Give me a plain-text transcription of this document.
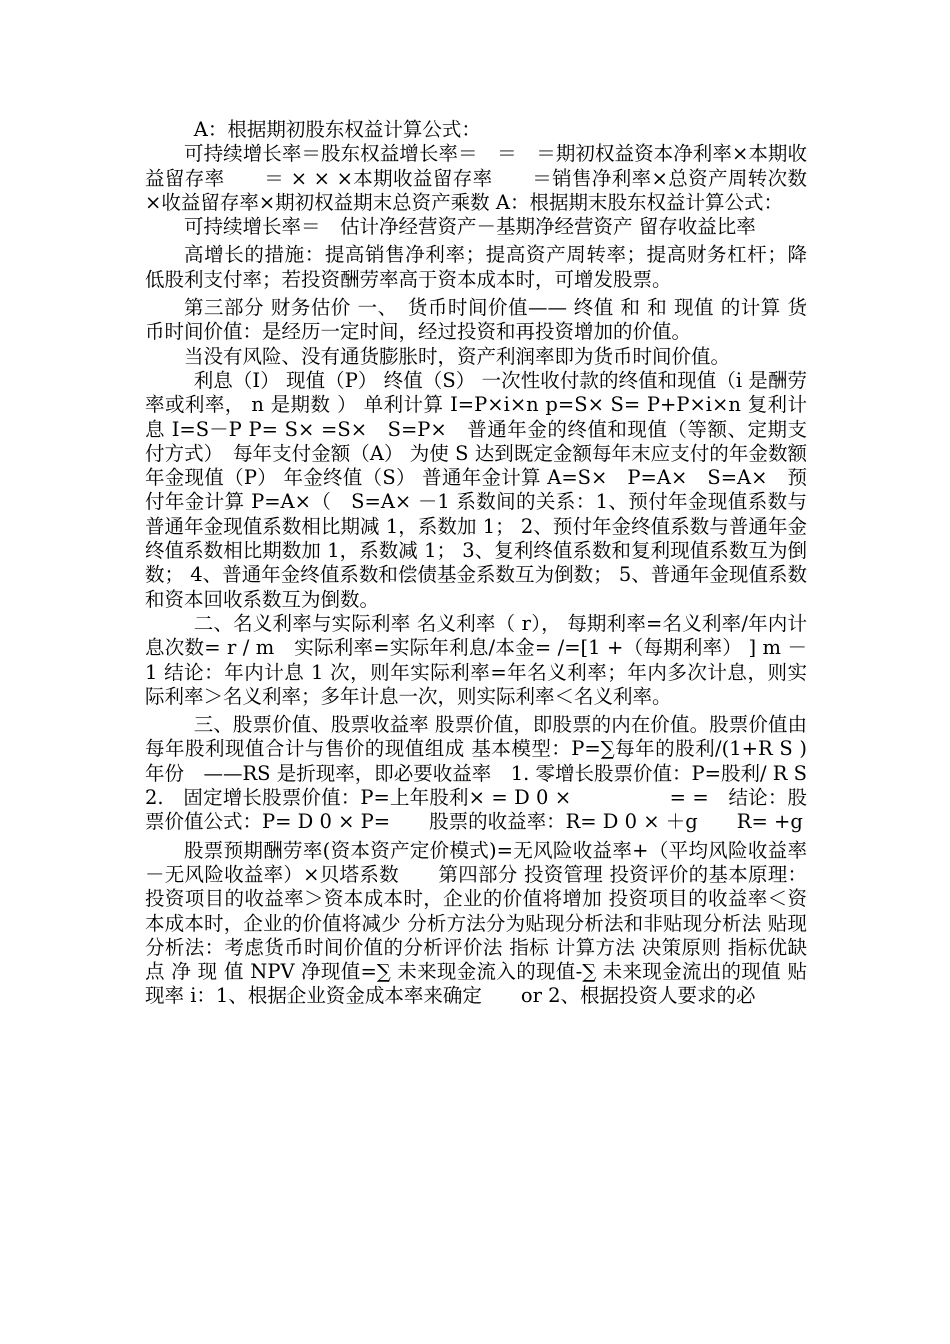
A：根据期初股东权益计算公式：

可持续增长率＝股东权益增长率＝　＝　＝期初权益资本净利率×本期收益留存率　　＝ × × ×本期收益留存率　　＝销售净利率×总资产周转次数×收益留存率×期初权益期末总资产乘数 A：根据期末股东权益计算公式：

可持续增长率＝　估计净经营资产－基期净经营资产 留存收益比率

高增长的措施：提高销售净利率；提高资产周转率；提高财务杠杆；降低股利支付率；若投资酬劳率高于资本成本时，可增发股票。

第三部分 财务估价 一、　货币时间价值—— 终值 和 和 现值 的计算 货币时间价值：是经历一定时间，经过投资和再投资增加的价值。

当没有风险、没有通货膨胀时，资产利润率即为货币时间价值。

利息（I） 现值（P） 终值（S） 一次性收付款的终值和现值（i 是酬劳率或利率， n 是期数 ） 单利计算 I=P×i×n p=S× S= P+P×i×n 复利计息 I=S－P P= S× =S×　S=P×　普通年金的终值和现值（等额、定期支付方式）　每年支付金额（A） 为使 S 达到既定金额每年末应支付的年金数额 年金现值（P） 年金终值（S） 普通年金计算 A=S×　P=A×　S=A×　预付年金计算 P=A×（　S=A× －1 系数间的关系：1、预付年金现值系数与普通年金现值系数相比期减 1，系数加 1； 2、预付年金终值系数与普通年金终值系数相比期数加 1，系数减 1； 3、复利终值系数和复利现值系数互为倒数； 4、普通年金终值系数和偿债基金系数互为倒数； 5、普通年金现值系数和资本回收系数互为倒数。

二、名义利率与实际利率 名义利率（ r）， 每期利率=名义利率/年内计息次数= r / m　实际利率=实际年利息/本金= /=[1 +（每期利率） ] m － 1 结论：年内计息 1 次，则年实际利率=年名义利率；年内多次计息，则实际利率＞名义利率；多年计息一次，则实际利率＜名义利率。

三、股票价值、股票收益率 股票价值，即股票的内在价值。股票价值由每年股利现值合计与售价的现值组成 基本模型：P=∑每年的股利/(1+R S )年份　——RS 是折现率，即必要收益率　1. 零增长股票价值：P=股利/ R S　2.　固定增长股票价值：P=上年股利× = D 0 ×　　　　　= =　结论：股票价值公式：P= D 0 × P=　　股票的收益率：R= D 0 × ＋g　　R= +g

股票预期酬劳率(资本资产定价模式)=无风险收益率+（平均风险收益率－无风险收益率）×贝塔系数　　第四部分 投资管理 投资评价的基本原理：投资项目的收益率＞资本成本时，企业的价值将增加 投资项目的收益率＜资本成本时，企业的价值将减少 分析方法分为贴现分析法和非贴现分析法 贴现分析法：考虑货币时间价值的分析评价法 指标 计算方法 决策原则 指标优缺点 净 现 值 NPV 净现值=∑ 未来现金流入的现值-∑ 未来现金流出的现值 贴现率 i：1、根据企业资金成本率来确定　　or 2、根据投资人要求的必
